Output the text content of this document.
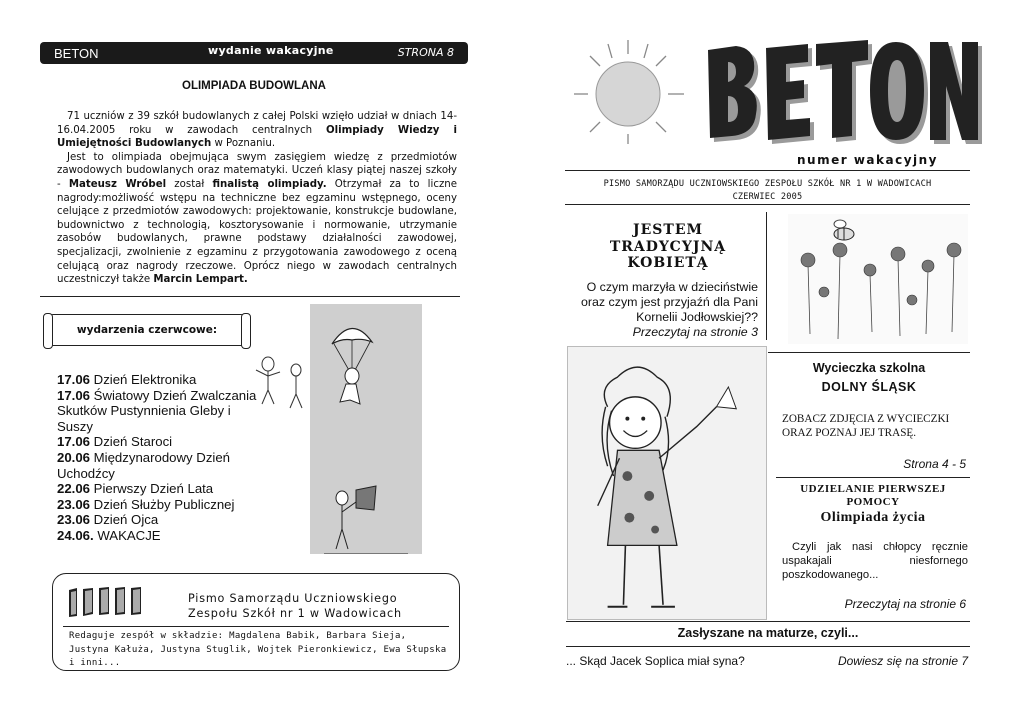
BETON	wydanie wakacyjne	STRONA 8
OLIMPIADA BUDOWLANA

71 uczniów z 39 szkół budowlanych z całej Polski wzięło udział w dniach 14-16.04.2005 roku w zawodach centralnych Olimpiady Wiedzy i Umiejętności Budowlanych w Poznaniu.

Jest to olimpiada obejmująca swym zasięgiem wiedzę z przedmiotów zawodowych budowlanych oraz matematyki. Uczeń klasy piątej naszej szkoły - Mateusz Wróbel został finalistą olimpiady. Otrzymał za to liczne nagrody:możliwość wstępu na techniczne bez egzaminu wstępnego, oceny celujące z przedmiotów zawodowych: projektowanie, konstrukcje budowlane, budownictwo z technologią, kosztorysowanie i normowanie, utrzymanie zasobów budowlanych, prawne podstawy działalności zawodowej, specjalizacji, zwolnienie z egzaminu z przygotowania zawodowego z oceną celującą oraz nagrody rzeczowe. Oprócz niego w zawodach centralnych uczestniczył także Marcin Lempart.

wydarzenia czerwcowe:
17.06 Dzień Elektronika
17.06 Światowy Dzień Zwalczania Skutków Pustynnienia Gleby i Suszy
17.06 Dzień Staroci
20.06 Międzynarodowy Dzień Uchodźcy
22.06 Pierwszy Dzień Lata
23.06 Dzień Służby Publicznej
23.06 Dzień Ojca
24.06. WAKACJE
Pismo Samorządu Uczniowskiego
Zespołu Szkół nr 1 w Wadowicach
Redaguje zespół w składzie: Magdalena Babik, Barbara Sieja, Justyna Kałuża, Justyna Stuglik, Wojtek Pieronkiewicz, Ewa Słupska i inni...
numer wakacyjny
PISMO SAMORZĄDU UCZNIOWSKIEGO ZESPOŁU SZKÓŁ NR 1 W WADOWICACH
CZERWIEC 2005
JESTEM
TRADYCYJNĄ
KOBIETĄ
O czym marzyła w dzieciństwie oraz czym jest przyjaźń dla Pani Kornelii Jodłowskiej??
Przeczytaj na stronie 3
Wycieczka szkolna
DOLNY ŚLĄSK
ZOBACZ ZDJĘCIA Z WYCIECZKI ORAZ POZNAJ JEJ TRASĘ.
Strona 4 - 5
UDZIELANIE PIERWSZEJ POMOCY
Olimpiada życia

Czyli jak nasi chłopcy ręcznie uspakajali niesfornego poszkodowanego...

Przeczytaj na stronie 6
Zasłyszane na maturze, czyli...
... Skąd Jacek Soplica miał syna?	Dowiesz się na stronie 7
